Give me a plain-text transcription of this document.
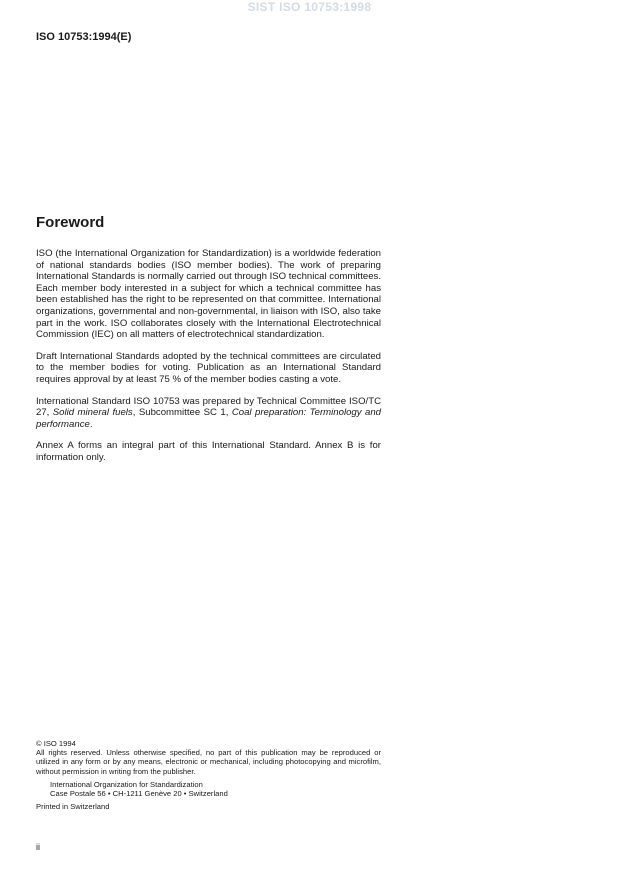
SIST ISO 10753:1998
ISO 10753:1994(E)
Foreword

ISO (the International Organization for Standardization) is a worldwide federation of national standards bodies (ISO member bodies). The work of preparing International Standards is normally carried out through ISO technical committees. Each member body interested in a subject for which a technical committee has been established has the right to be represented on that committee. International organizations, governmental and non-governmental, in liaison with ISO, also take part in the work. ISO collaborates closely with the International Electrotechnical Commission (IEC) on all matters of electrotechnical standardization.

Draft International Standards adopted by the technical committees are circulated to the member bodies for voting. Publication as an International Standard requires approval by at least 75 % of the member bodies casting a vote.

International Standard ISO 10753 was prepared by Technical Committee ISO/TC 27, Solid mineral fuels, Subcommittee SC 1, Coal preparation: Terminology and performance.

Annex A forms an integral part of this International Standard. Annex B is for information only.

© ISO 1994

All rights reserved. Unless otherwise specified, no part of this publication may be reproduced or utilized in any form or by any means, electronic or mechanical, including photocopying and microfilm, without permission in writing from the publisher.

International Organization for Standardization
Case Postale 56 • CH-1211 Genève 20 • Switzerland

Printed in Switzerland

ii
